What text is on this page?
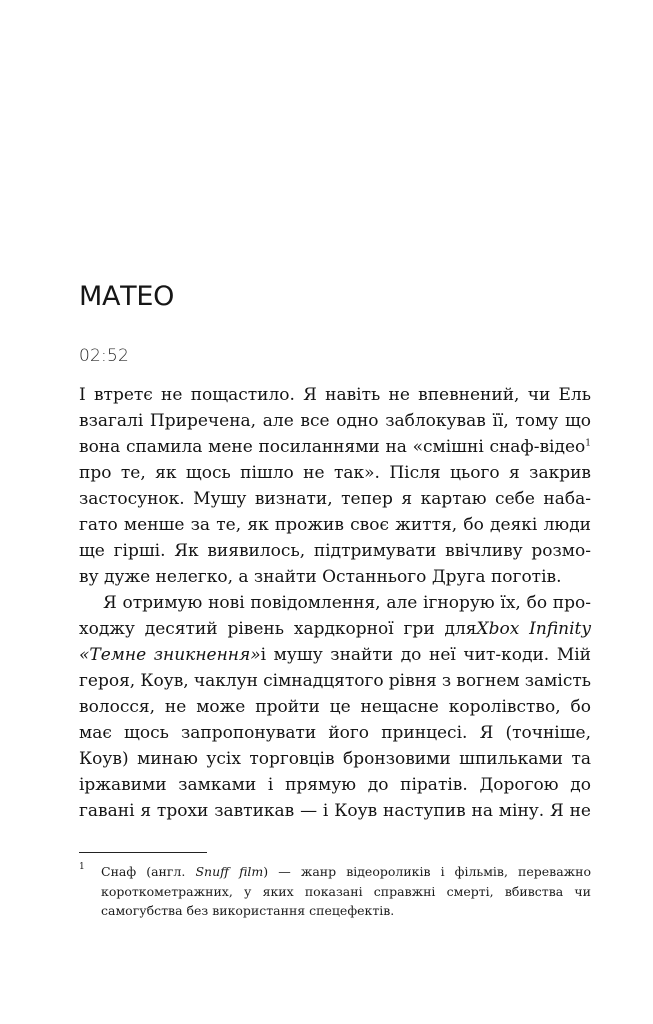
МАТЕО
02:52
І втретє не пощастило. Я навіть не впевнений, чи Ель
взагалі Приречена, але все одно заблокував її, тому що
вона спамила мене посиланнями на «смішні снаф-відео$^1$
про те, як щось пішло не так». Після цього я закрив
застосунок. Мушу визнати, тепер я картаю себе наба-
гато менше за те, як прожив своє життя, бо деякі люди
ще гірші. Як виявилось, підтримувати ввічливу розмо-
ву дуже нелегко, а знайти Останнього Друга поготів.
Я отримую нові повідомлення, але ігнорую їх, бо про-
ходжу десятий рівень хардкорної гри дляXbox Infinity
«Темне зникнення»і мушу знайти до неї чит-коди. Мій
героя, Коув, чаклун сімнадцятого рівня з вогнем замість
волосся, не може пройти це нещасне королівство, бо
має щось запропонувати його принцесі. Я (точніше,
Коув) минаю усіх торговців бронзовими шпильками та
іржавими замками і прямую до піратів. Дорогою до
гавані я трохи завтикав — і Коув наступив на міну. Я не
1 Снаф (англ. Snuff film) — жанр відеороликів і фільмів, переважно
короткометражних, у яких показані справжні смерті, вбивства чи
самогубства без використання спецефектів.
